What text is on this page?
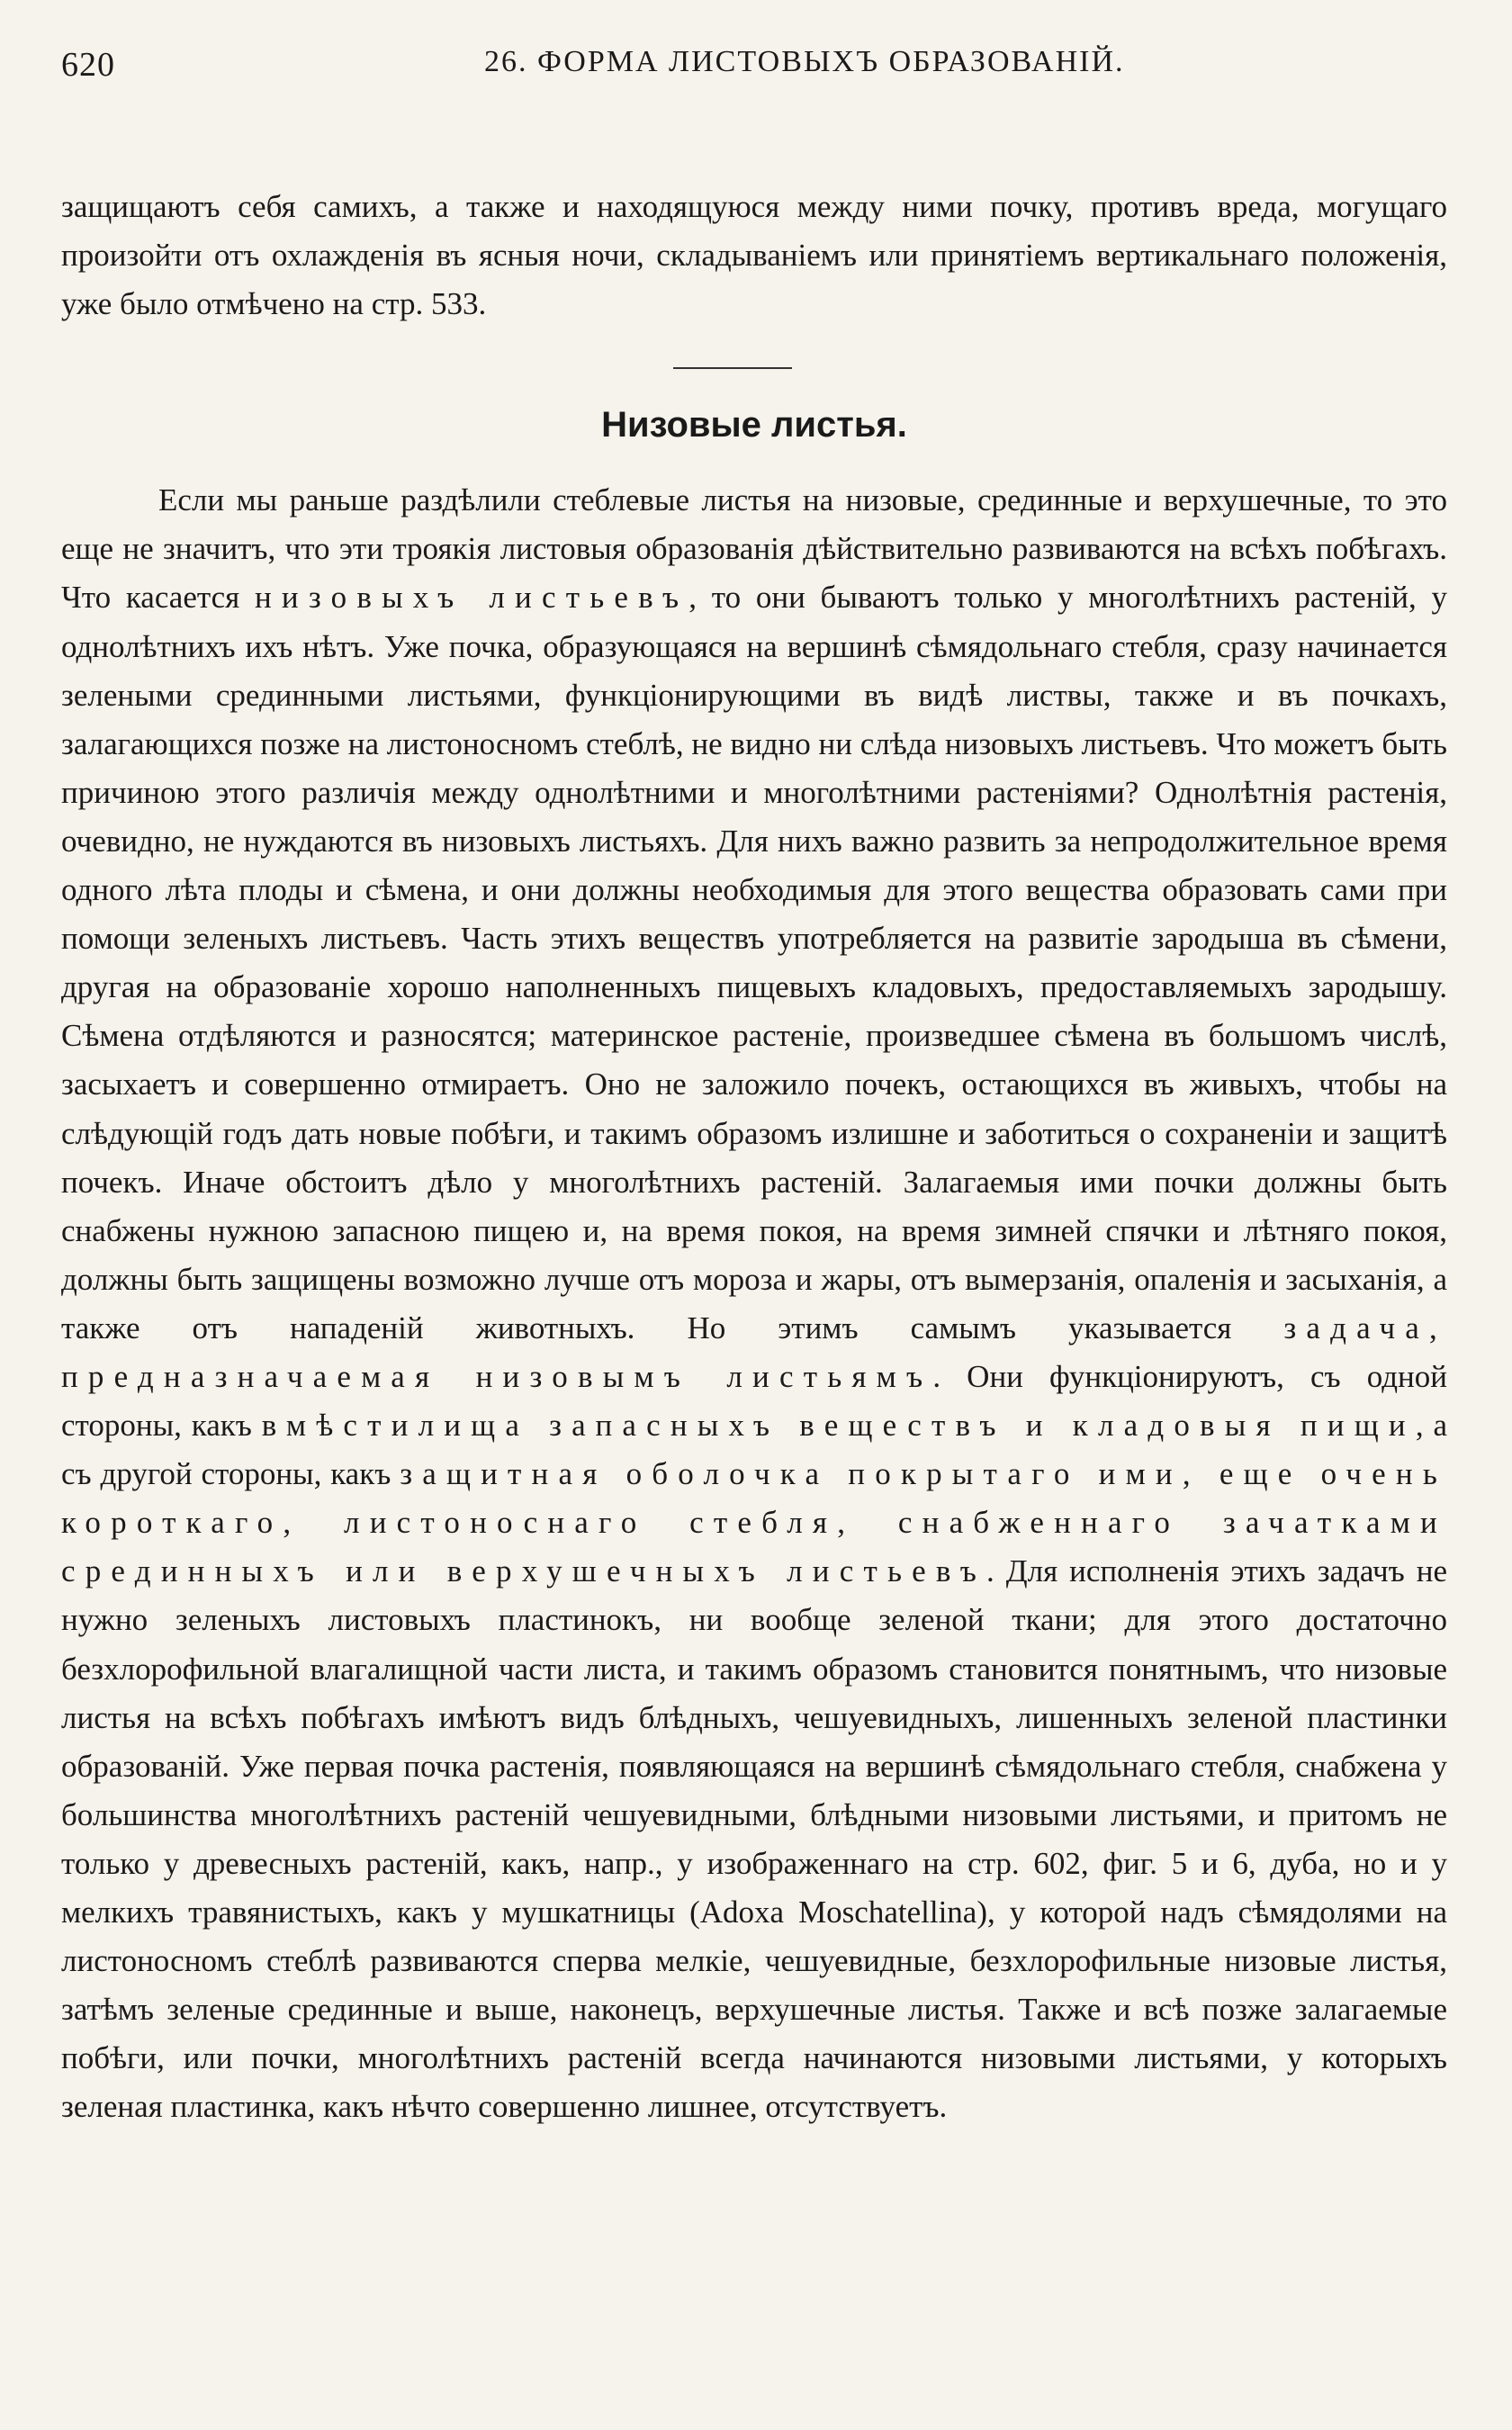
620	26. ФОРМА ЛИСТОВЫХЪ ОБРАЗОВАНІЙ.

защищаютъ себя самихъ, а также и находящуюся между ними почку, противъ вреда, могущаго произойти отъ охлажденія въ ясныя ночи, складываніемъ или принятіемъ вертикальнаго положенія, уже было отмѣчено на стр. 533.

Низовые листья.
Если мы раньше раздѣлили стеблевые листья на низовые, срединные и верхушечные, то это еще не значитъ, что эти троякія листовыя образованія дѣйствительно развиваются на всѣхъ побѣгахъ. Что касается низовыхъ листьевъ, то они бываютъ только у многолѣтнихъ растеній, у однолѣтнихъ ихъ нѣтъ. Уже почка, образующаяся на вершинѣ сѣмядольнаго стебля, сразу начинается зелеными срединными листьями, функціонирующими въ видѣ листвы, также и въ почкахъ, залагающихся позже на листоносномъ стеблѣ, не видно ни слѣда низовыхъ листьевъ. Что можетъ быть причиною этого различія между однолѣтними и многолѣтними растеніями? Однолѣтнія растенія, очевидно, не нуждаются въ низовыхъ листьяхъ. Для нихъ важно развить за непродолжительное время одного лѣта плоды и сѣмена, и они должны необходимыя для этого вещества образовать сами при помощи зеленыхъ листьевъ. Часть этихъ веществъ употребляется на развитіе зародыша въ сѣмени, другая на образованіе хорошо наполненныхъ пищевыхъ кладовыхъ, предоставляемыхъ зародышу. Сѣмена отдѣляются и разносятся; материнское растеніе, произведшее сѣмена въ большомъ числѣ, засыхаетъ и совершенно отмираетъ. Оно не заложило почекъ, остающихся въ живыхъ, чтобы на слѣдующій годъ дать новые побѣги, и такимъ образомъ излишне и заботиться о сохраненіи и защитѣ почекъ. Иначе обстоитъ дѣло у многолѣтнихъ растеній. Залагаемыя ими почки должны быть снабжены нужною запасною пищею и, на время покоя, на время зимней спячки и лѣтняго покоя, должны быть защищены возможно лучше отъ мороза и жары, отъ вымерзанія, опаленія и засыханія, а также отъ нападеній животныхъ. Но этимъ самымъ указывается задача, предназначаемая низовымъ листьямъ. Они функціонируютъ, съ одной стороны, какъ вмѣстилища запасныхъ веществъ и кладовыя пищи, а съ другой стороны, какъ защитная оболочка покрытаго ими, еще очень короткаго, листоноснаго стебля, снабженнаго зачатками срединныхъ или верхушечныхъ листьевъ. Для исполненія этихъ задачъ не нужно зеленыхъ листовыхъ пластинокъ, ни вообще зеленой ткани; для этого достаточно безхлорофильной влагалищной части листа, и такимъ образомъ становится понятнымъ, что низовые листья на всѣхъ побѣгахъ имѣютъ видъ блѣдныхъ, чешуевидныхъ, лишенныхъ зеленой пластинки образованій. Уже первая почка растенія, появляющаяся на вершинѣ сѣмядольнаго стебля, снабжена у большинства многолѣтнихъ растеній чешуевидными, блѣдными низовыми листьями, и притомъ не только у древесныхъ растеній, какъ, напр., у изображеннаго на стр. 602, фиг. 5 и 6, дуба, но и у мелкихъ травянистыхъ, какъ у мушкатницы (Adoxa Moschatellina), у которой надъ сѣмядолями на листоносномъ стеблѣ развиваются сперва мелкіе, чешуевидные, безхлорофильные низовые листья, затѣмъ зеленые срединные и выше, наконецъ, верхушечные листья. Также и всѣ позже залагаемые побѣги, или почки, многолѣтнихъ растеній всегда начинаются низовыми листьями, у которыхъ зеленая пластинка, какъ нѣчто совершенно лишнее, отсутствуетъ.
